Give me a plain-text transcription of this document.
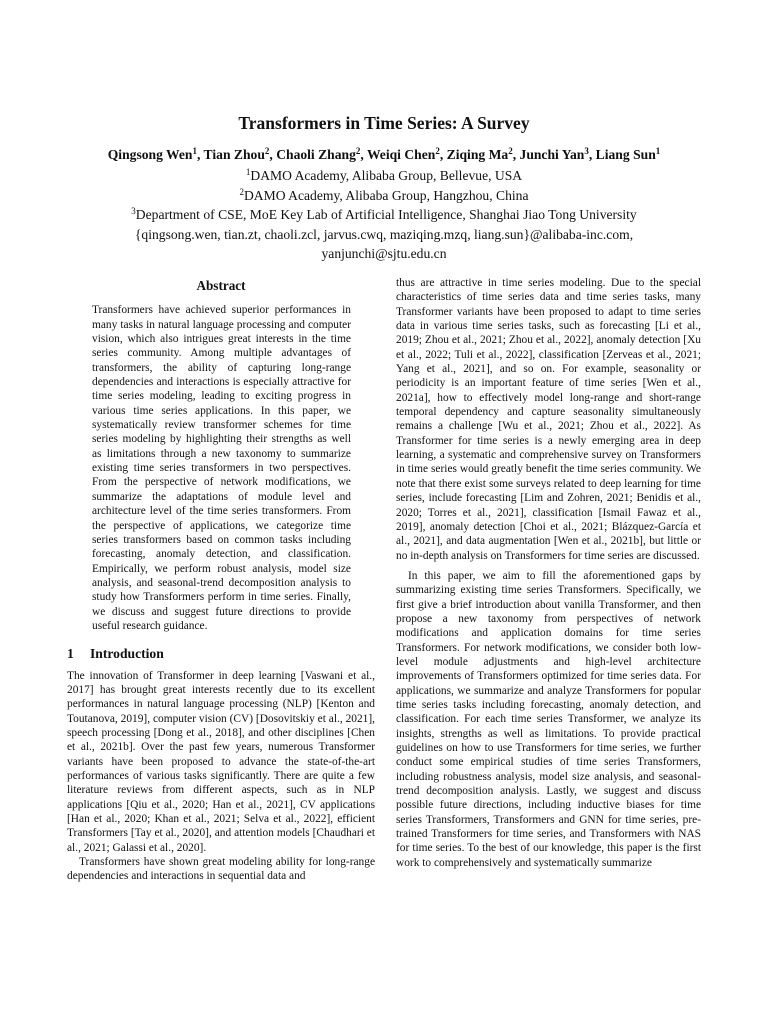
Transformers in Time Series: A Survey
Qingsong Wen$^1$, Tian Zhou$^2$, Chaoli Zhang$^2$, Weiqi Chen$^2$, Ziqing Ma$^2$, Junchi Yan$^3$, Liang Sun$^1$
$^1$DAMO Academy, Alibaba Group, Bellevue, USA
$^2$DAMO Academy, Alibaba Group, Hangzhou, China
$^3$Department of CSE, MoE Key Lab of Artificial Intelligence, Shanghai Jiao Tong University
{qingsong.wen, tian.zt, chaoli.zcl, jarvus.cwq, maziqing.mzq, liang.sun}@alibaba-inc.com,
yanjunchi@sjtu.edu.cn
Abstract

Transformers have achieved superior performances in many tasks in natural language processing and computer vision, which also intrigues great interests in the time series community. Among multiple advantages of transformers, the ability of capturing long-range dependencies and interactions is especially attractive for time series modeling, leading to exciting progress in various time series applications. In this paper, we systematically review transformer schemes for time series modeling by highlighting their strengths as well as limitations through a new taxonomy to summarize existing time series transformers in two perspectives. From the perspective of network modifications, we summarize the adaptations of module level and architecture level of the time series transformers. From the perspective of applications, we categorize time series transformers based on common tasks including forecasting, anomaly detection, and classification. Empirically, we perform robust analysis, model size analysis, and seasonal-trend decomposition analysis to study how Transformers perform in time series. Finally, we discuss and suggest future directions to provide useful research guidance.

1 Introduction

The innovation of Transformer in deep learning [Vaswani et al., 2017] has brought great interests recently due to its excellent performances in natural language processing (NLP) [Kenton and Toutanova, 2019], computer vision (CV) [Dosovitskiy et al., 2021], speech processing [Dong et al., 2018], and other disciplines [Chen et al., 2021b]. Over the past few years, numerous Transformer variants have been proposed to advance the state-of-the-art performances of various tasks significantly. There are quite a few literature reviews from different aspects, such as in NLP applications [Qiu et al., 2020; Han et al., 2021], CV applications [Han et al., 2020; Khan et al., 2021; Selva et al., 2022], efficient Transformers [Tay et al., 2020], and attention models [Chaudhari et al., 2021; Galassi et al., 2020].

Transformers have shown great modeling ability for long-range dependencies and interactions in sequential data and

thus are attractive in time series modeling. Due to the special characteristics of time series data and time series tasks, many Transformer variants have been proposed to adapt to time series data in various time series tasks, such as forecasting [Li et al., 2019; Zhou et al., 2021; Zhou et al., 2022], anomaly detection [Xu et al., 2022; Tuli et al., 2022], classification [Zerveas et al., 2021; Yang et al., 2021], and so on. For example, seasonality or periodicity is an important feature of time series [Wen et al., 2021a], how to effectively model long-range and short-range temporal dependency and capture seasonality simultaneously remains a challenge [Wu et al., 2021; Zhou et al., 2022]. As Transformer for time series is a newly emerging area in deep learning, a systematic and comprehensive survey on Transformers in time series would greatly benefit the time series community. We note that there exist some surveys related to deep learning for time series, include forecasting [Lim and Zohren, 2021; Benidis et al., 2020; Torres et al., 2021], classification [Ismail Fawaz et al., 2019], anomaly detection [Choi et al., 2021; Blázquez-García et al., 2021], and data augmentation [Wen et al., 2021b], but little or no in-depth analysis on Transformers for time series are discussed.

In this paper, we aim to fill the aforementioned gaps by summarizing existing time series Transformers. Specifically, we first give a brief introduction about vanilla Transformer, and then propose a new taxonomy from perspectives of network modifications and application domains for time series Transformers. For network modifications, we consider both low-level module adjustments and high-level architecture improvements of Transformers optimized for time series data. For applications, we summarize and analyze Transformers for popular time series tasks including forecasting, anomaly detection, and classification. For each time series Transformer, we analyze its insights, strengths as well as limitations. To provide practical guidelines on how to use Transformers for time series, we further conduct some empirical studies of time series Transformers, including robustness analysis, model size analysis, and seasonal-trend decomposition analysis. Lastly, we suggest and discuss possible future directions, including inductive biases for time series Transformers, Transformers and GNN for time series, pre-trained Transformers for time series, and Transformers with NAS for time series. To the best of our knowledge, this paper is the first work to comprehensively and systematically summarize
